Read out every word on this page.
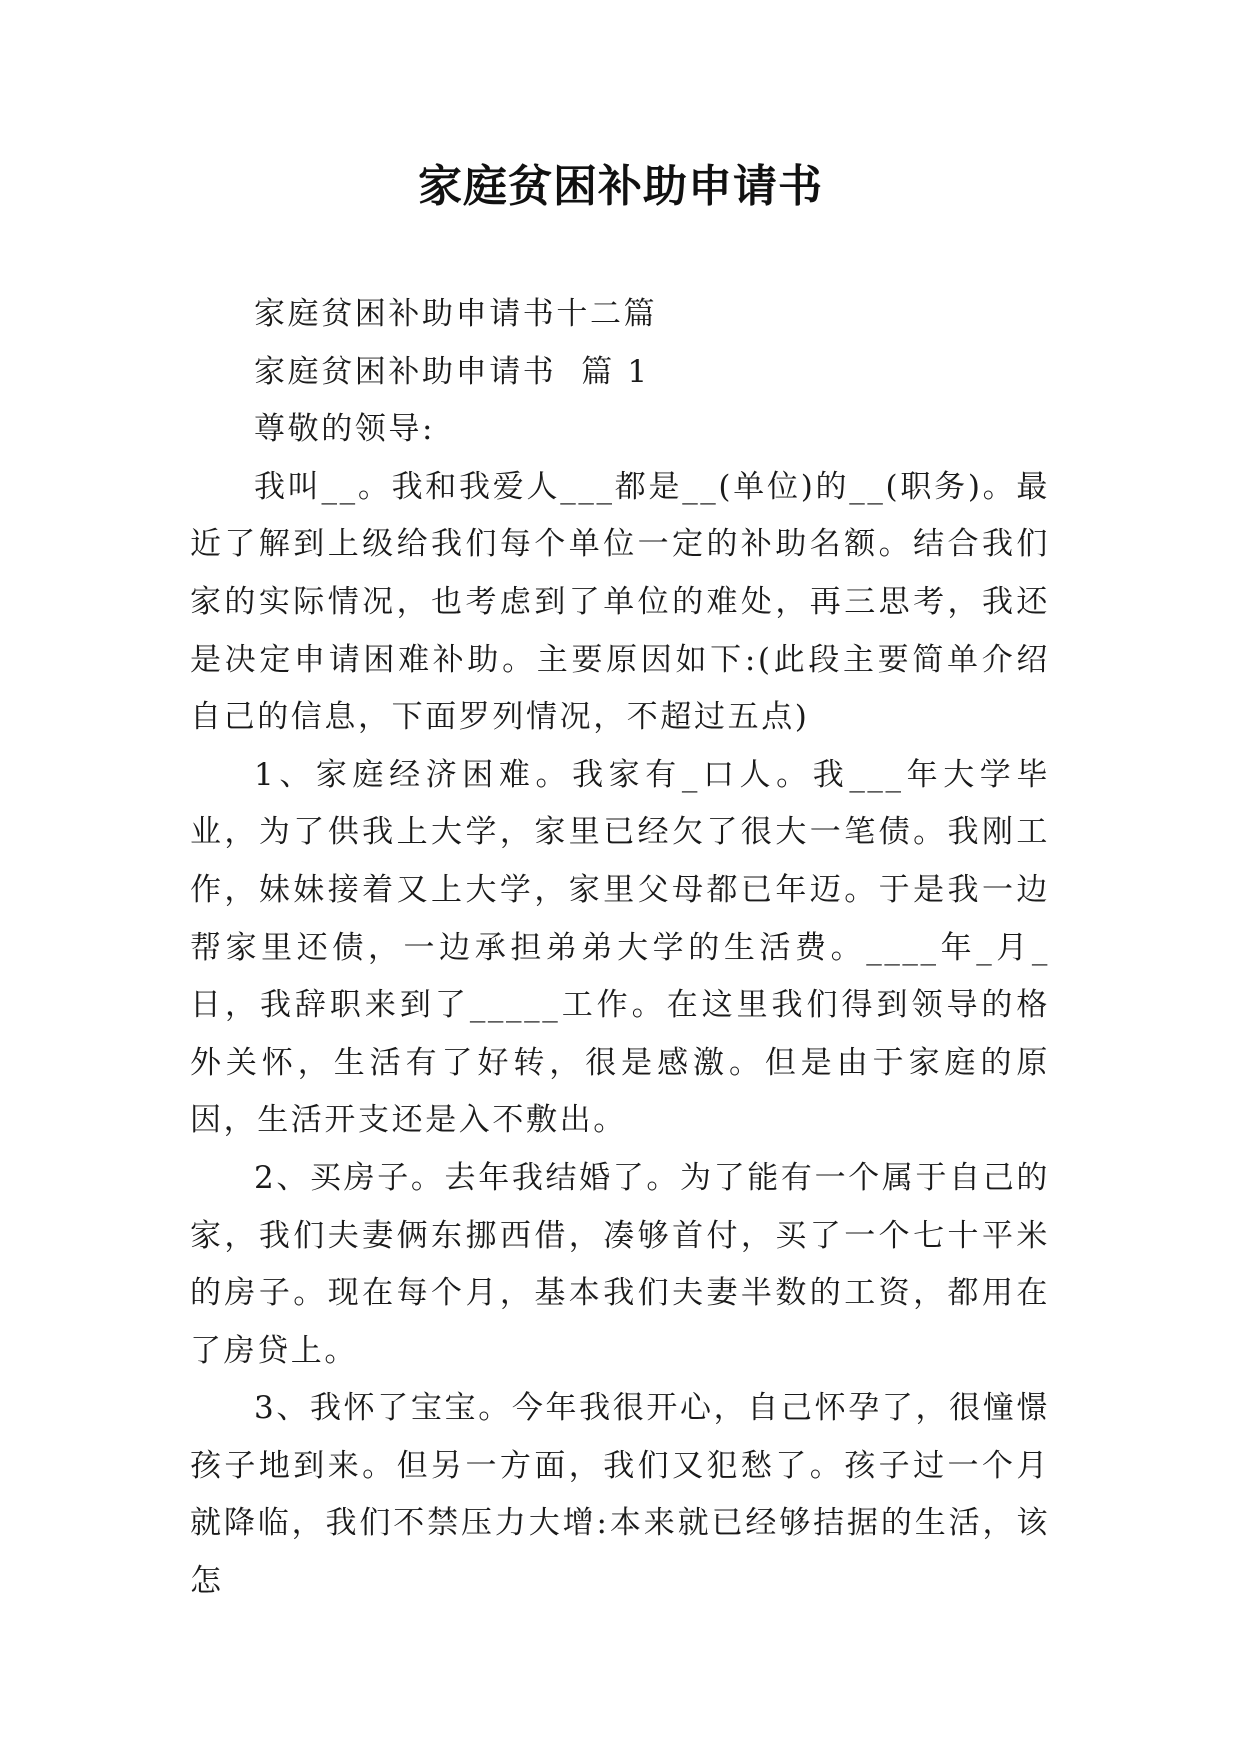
家庭贫困补助申请书

家庭贫困补助申请书十二篇

家庭贫困补助申请书  篇 1

尊敬的领导:

我叫__。我和我爱人___都是__(单位)的__(职务)。最近了解到上级给我们每个单位一定的补助名额。结合我们家的实际情况，也考虑到了单位的难处，再三思考，我还是决定申请困难补助。主要原因如下:(此段主要简单介绍自己的信息，下面罗列情况，不超过五点)

1、家庭经济困难。我家有_口人。我___年大学毕业，为了供我上大学，家里已经欠了很大一笔债。我刚工作，妹妹接着又上大学，家里父母都已年迈。于是我一边帮家里还债，一边承担弟弟大学的生活费。____年_月_日，我辞职来到了_____工作。在这里我们得到领导的格外关怀，生活有了好转，很是感激。但是由于家庭的原因，生活开支还是入不敷出。

2、买房子。去年我结婚了。为了能有一个属于自己的家，我们夫妻俩东挪西借，凑够首付，买了一个七十平米的房子。现在每个月，基本我们夫妻半数的工资，都用在了房贷上。

3、我怀了宝宝。今年我很开心，自己怀孕了，很憧憬孩子地到来。但另一方面，我们又犯愁了。孩子过一个月就降临，我们不禁压力大增:本来就已经够拮据的生活，该怎
